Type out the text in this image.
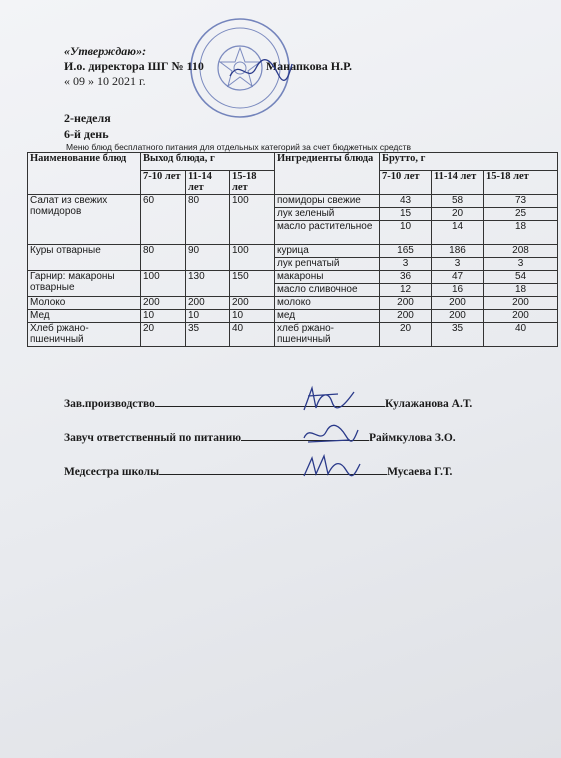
«Утверждаю»:
И.о. директора ШГ № 110	Манапкова Н.Р.
« 09 » 10 2021 г.
2-неделя
6-й день
Меню блюд бесплатного питания для отдельных категорий за счет бюджетных средств
Наименование блюд	Выход блюда, г			Ингредиенты блюда	Брутто, г		
	7-10 лет	11-14 лет	15-18 лет		7-10 лет	11-14 лет	15-18 лет
Салат из свежих помидоров	60	80	100	помидоры свежие	43	58	73
				лук зеленый	15	20	25
				масло растительное	10	14	18
Куры отварные	80	90	100	курица	165	186	208
				лук репчатый	3	3	3
Гарнир: макароны отварные	100	130	150	макароны	36	47	54
				масло сливочное	12	16	18
Молоко	200	200	200	молоко	200	200	200
Мед	10	10	10	мед	200	200	200
Хлеб ржано-пшеничный	20	35	40	хлеб ржано-пшеничный	20	35	40
Зав.производство	Кулажанова А.Т.
Завуч ответственный по питанию	Раймкулова З.О.
Медсестра школы	Мусаева Г.Т.
